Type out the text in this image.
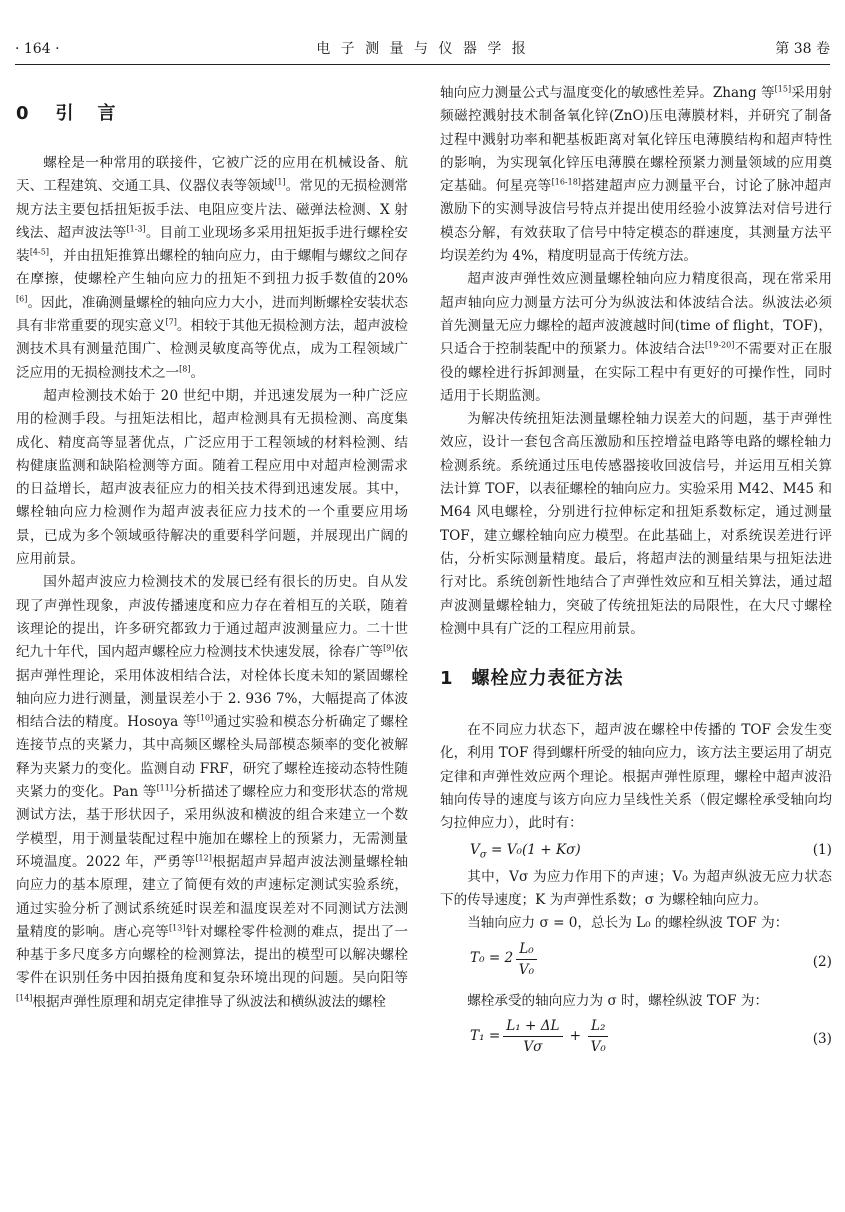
· 164 ·	电 子 测 量 与 仪 器 学 报	第 38 卷
0 引言

螺栓是一种常用的联接件，它被广泛的应用在机械设备、航天、工程建筑、交通工具、仪器仪表等领域[1]。常见的无损检测常规方法主要包括扭矩扳手法、电阻应变片法、磁弹法检测、X 射线法、超声波法等[1-3]。目前工业现场多采用扭矩扳手进行螺栓安装[4-5]，并由扭矩推算出螺栓的轴向应力，由于螺帽与螺纹之间存在摩擦，使螺栓产生轴向应力的扭矩不到扭力扳手数值的20%[6]。因此，准确测量螺栓的轴向应力大小，进而判断螺栓安装状态具有非常重要的现实意义[7]。相较于其他无损检测方法，超声波检测技术具有测量范围广、检测灵敏度高等优点，成为工程领域广泛应用的无损检测技术之一[8]。

超声检测技术始于 20 世纪中期，并迅速发展为一种广泛应用的检测手段。与扭矩法相比，超声检测具有无损检测、高度集成化、精度高等显著优点，广泛应用于工程领域的材料检测、结构健康监测和缺陷检测等方面。随着工程应用中对超声检测需求的日益增长，超声波表征应力的相关技术得到迅速发展。其中，螺栓轴向应力检测作为超声波表征应力技术的一个重要应用场景，已成为多个领域亟待解决的重要科学问题，并展现出广阔的应用前景。

国外超声波应力检测技术的发展已经有很长的历史。自从发现了声弹性现象，声波传播速度和应力存在着相互的关联，随着该理论的提出，许多研究都致力于通过超声波测量应力。二十世纪九十年代，国内超声螺栓应力检测技术快速发展，徐春广等[9]依据声弹性理论，采用体波相结合法，对栓体长度未知的紧固螺栓轴向应力进行测量，测量误差小于 2. 936 7%，大幅提高了体波相结合法的精度。Hosoya 等[10]通过实验和模态分析确定了螺栓连接节点的夹紧力，其中高频区螺栓头局部模态频率的变化被解释为夹紧力的变化。监测自动 FRF，研究了螺栓连接动态特性随夹紧力的变化。Pan 等[11]分析描述了螺栓应力和变形状态的常规测试方法，基于形状因子，采用纵波和横波的组合来建立一个数学模型，用于测量装配过程中施加在螺栓上的预紧力，无需测量环境温度。2022 年，严勇等[12]根据超声异超声波法测量螺栓轴向应力的基本原理，建立了简便有效的声速标定测试实验系统，通过实验分析了测试系统延时误差和温度误差对不同测试方法测量精度的影响。唐心亮等[13]针对螺栓零件检测的难点，提出了一种基于多尺度多方向螺栓的检测算法，提出的模型可以解决螺栓零件在识别任务中因拍摄角度和复杂环境出现的问题。吴向阳等[14]根据声弹性原理和胡克定律推导了纵波法和横纵波法的螺栓

轴向应力测量公式与温度变化的敏感性差异。Zhang 等[15]采用射频磁控溅射技术制备氧化锌(ZnO)压电薄膜材料，并研究了制备过程中溅射功率和靶基板距离对氧化锌压电薄膜结构和超声特性的影响，为实现氧化锌压电薄膜在螺栓预紧力测量领域的应用奠定基础。何星亮等[16-18]搭建超声应力测量平台，讨论了脉冲超声激励下的实测导波信号特点并提出使用经验小波算法对信号进行模态分解，有效获取了信号中特定模态的群速度，其测量方法平均误差约为 4%，精度明显高于传统方法。

超声波声弹性效应测量螺栓轴向应力精度很高，现在常采用超声轴向应力测量方法可分为纵波法和体波结合法。纵波法必须首先测量无应力螺栓的超声波渡越时间(time of flight，TOF)，只适合于控制装配中的预紧力。体波结合法[19-20]不需要对正在服役的螺栓进行拆卸测量，在实际工程中有更好的可操作性，同时适用于长期监测。

为解决传统扭矩法测量螺栓轴力误差大的问题，基于声弹性效应，设计一套包含高压激励和压控增益电路等电路的螺栓轴力检测系统。系统通过压电传感器接收回波信号，并运用互相关算法计算 TOF，以表征螺栓的轴向应力。实验采用 M42、M45 和 M64 风电螺栓，分别进行拉伸标定和扭矩系数标定，通过测量 TOF，建立螺栓轴向应力模型。在此基础上，对系统误差进行评估，分析实际测量精度。最后，将超声法的测量结果与扭矩法进行对比。系统创新性地结合了声弹性效应和互相关算法，通过超声波测量螺栓轴力，突破了传统扭矩法的局限性，在大尺寸螺栓检测中具有广泛的工程应用前景。

1 螺栓应力表征方法

在不同应力状态下，超声波在螺栓中传播的 TOF 会发生变化，利用 TOF 得到螺杆所受的轴向应力，该方法主要运用了胡克定律和声弹性效应两个理论。根据声弹性原理，螺栓中超声波沿轴向传导的速度与该方向应力呈线性关系（假定螺栓承受轴向均匀拉伸应力），此时有：

$V_\sigma = V_0(1 + K\sigma)$	(1)

其中，Vσ 为应力作用下的声速；V₀ 为超声纵波无应力状态下的传导速度；K 为声弹性系数；σ 为螺栓轴向应力。

当轴向应力 σ = 0，总长为 L₀ 的螺栓纵波 TOF 为：

$T_0 = 2 \frac{\text{L₀}}{\text{V₀}}$	(2)

螺栓承受的轴向应力为 σ 时，螺栓纵波 TOF 为：

$T_1 = \frac{\text{L₁ + ΔL}}{V\sigma} + \frac{\text{L₂}}{\text{V₀}}$	(3)
